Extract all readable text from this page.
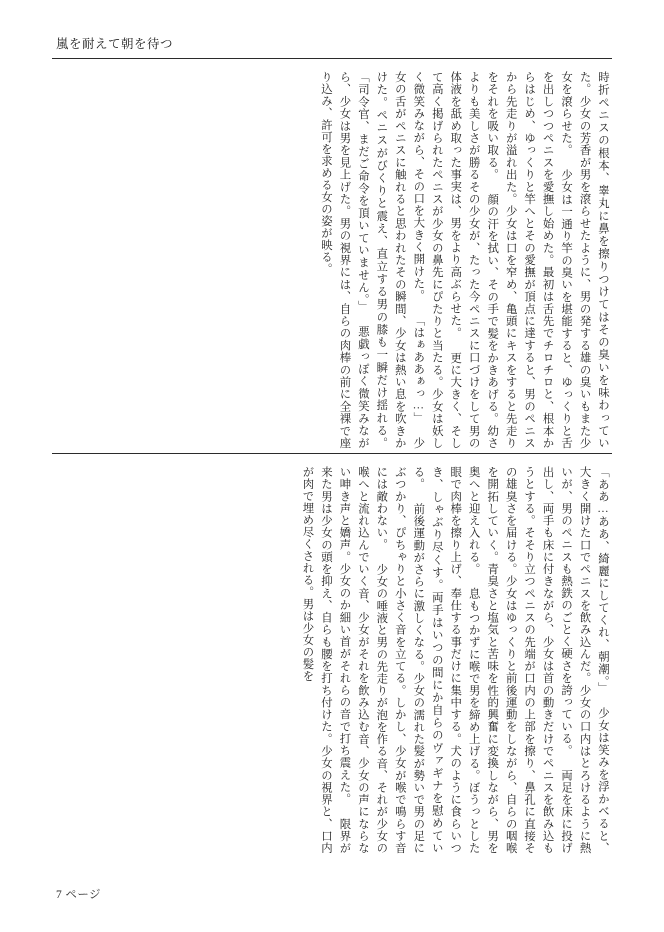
嵐を耐えて朝を待つ
時折ペニスの根本、睾丸に鼻を擦りつけてはその臭いを味わっていた。少女の芳香が男を滾らせたように、男の発する雄の臭いもまた少女を滾らせた。 少女は一通り竿の臭いを堪能すると、ゆっくりと舌を出しつつペニスを愛撫し始めた。最初は舌先でチロチロと、根本からはじめ、ゆっくりと竿へとその愛撫が頂点に達すると、男のペニスから先走りが溢れ出た。少女は口を窄め、亀頭にキスをすると先走りをそれを吸い取る。 顔の汗を拭い、その手で髪をかきあげる。幼さよりも美しさが勝るその少女が、たった今ペニスに口づけをして男の体液を舐め取った事実は、男をより高ぶらせた。 更に大きく、そして高く掲げられたペニスが少女の鼻先にぴたりと当たる。少女は妖しく微笑みながら、その口を大きく開けた。 「はぁああぁっ…」 少女の舌がペニスに触れると思われたその瞬間、少女は熱い息を吹きかけた。ペニスがびくりと震え、直立する男の膝も一瞬だけ揺れる。 「司令官、まだご命令を頂いていません。」 悪戯っぽく微笑みながら、少女は男を見上げた。男の視界には、自らの肉棒の前に全裸で座り込み、許可を求める女の姿が映る。
「ああ…ああ、綺麗にしてくれ、朝潮。」 少女は笑みを浮かべると、大きく開けた口でペニスを飲み込んだ。少女の口内はとろけるように熱いが、男のペニスも熱鉄のごとく硬さを誇っている。 両足を床に投げ出し、両手も床に付きながら、少女は首の動きだけでペニスを飲み込もうとする。そそり立つペニスの先端が口内の上部を擦り、鼻孔に直接その雄臭さを届ける。少女はゆっくりと前後運動をしながら、自らの咽喉を開拓していく。青臭さと塩気と苦味を性的興奮に変換しながら、男を奥へと迎え入れる。 息もつかずに喉で男を締め上げる。ぼうっとした眼で肉棒を擦り上げ、奉仕する事だけに集中する。犬のように食らいつき、しゃぶり尽くす。両手はいつの間にか自らのヴァギナを慰めている。 前後運動がさらに激しくなる。少女の濡れた髪が勢いで男の足にぶつかり、ぴちゃりと小さく音を立てる。しかし、少女が喉で鳴らす音には敵わない。 少女の唾液と男の先走りが泡を作る音、それが少女の喉へと流れ込んでいく音、少女がそれを飲み込む音、少女の声にならない呻き声と嬌声。少女のか細い首がそれらの音で打ち震えた。 限界が来た男は少女の頭を抑え、自らも腰を打ち付けた。少女の視界と、口内が肉で埋め尽くされる。男は少女の髪を
7 ページ
